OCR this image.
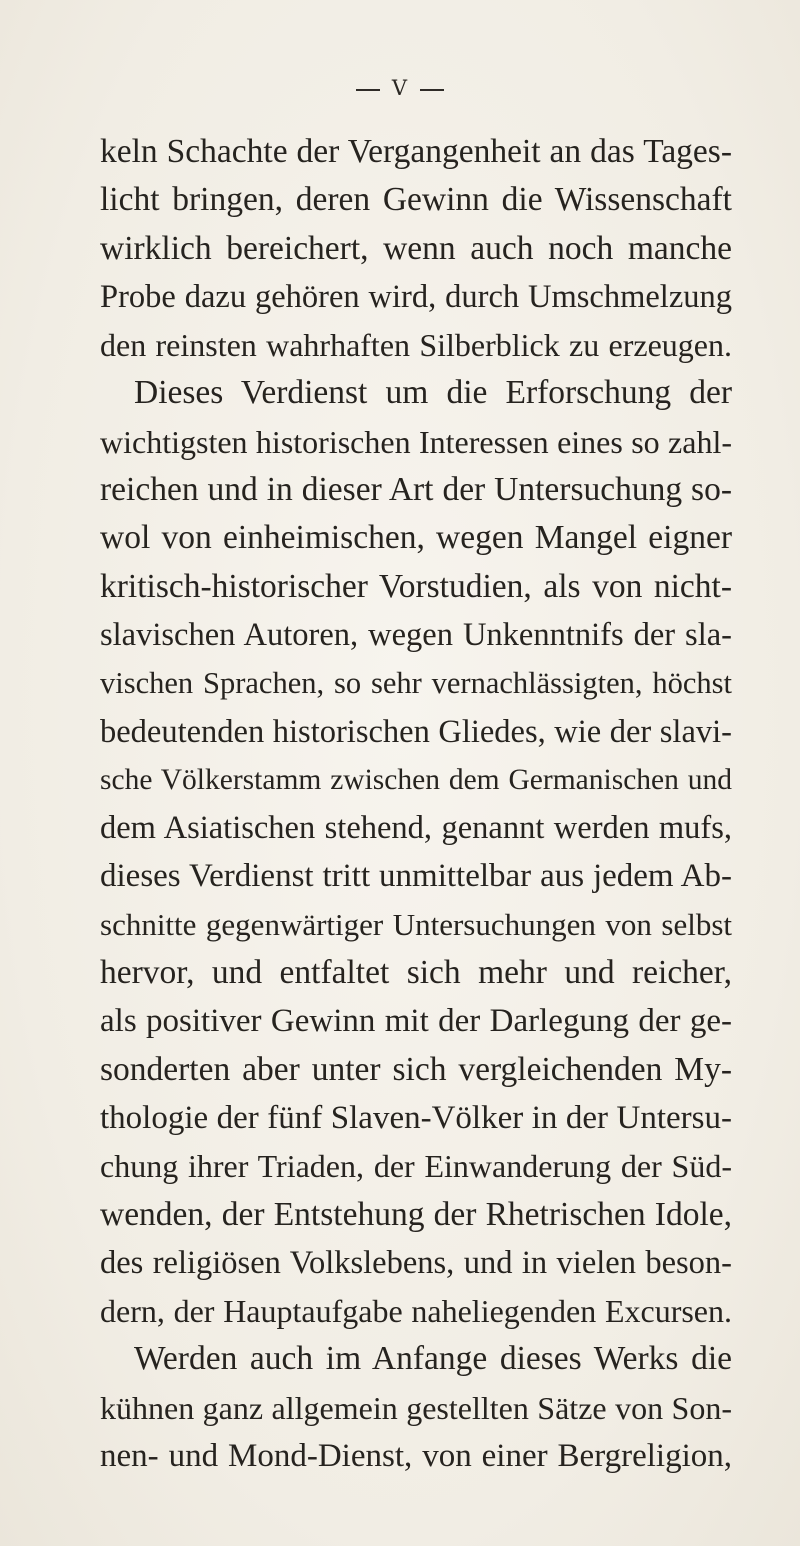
V
keln Schachte der Vergangenheit an das Tages-
licht bringen, deren Gewinn die Wissenschaft
wirklich bereichert, wenn auch noch manche
Probe dazu gehören wird, durch Umschmelzung
den reinsten wahrhaften Silberblick zu erzeugen.
Dieses Verdienst um die Erforschung der
wichtigsten historischen Interessen eines so zahl-
reichen und in dieser Art der Untersuchung so-
wol von einheimischen, wegen Mangel eigner
kritisch-historischer Vorstudien, als von nicht-
slavischen Autoren, wegen Unkenntnifs der sla-
vischen Sprachen, so sehr vernachlässigten, höchst
bedeutenden historischen Gliedes, wie der slavi-
sche Völkerstamm zwischen dem Germanischen und
dem Asiatischen stehend, genannt werden mufs,
dieses Verdienst tritt unmittelbar aus jedem Ab-
schnitte gegenwärtiger Untersuchungen von selbst
hervor, und entfaltet sich mehr und reicher,
als positiver Gewinn mit der Darlegung der ge-
sonderten aber unter sich vergleichenden My-
thologie der fünf Slaven-Völker in der Untersu-
chung ihrer Triaden, der Einwanderung der Süd-
wenden, der Entstehung der Rhetrischen Idole,
des religiösen Volkslebens, und in vielen beson-
dern, der Hauptaufgabe naheliegenden Excursen.
Werden auch im Anfange dieses Werks die
kühnen ganz allgemein gestellten Sätze von Son-
nen- und Mond-Dienst, von einer Bergreligion,
